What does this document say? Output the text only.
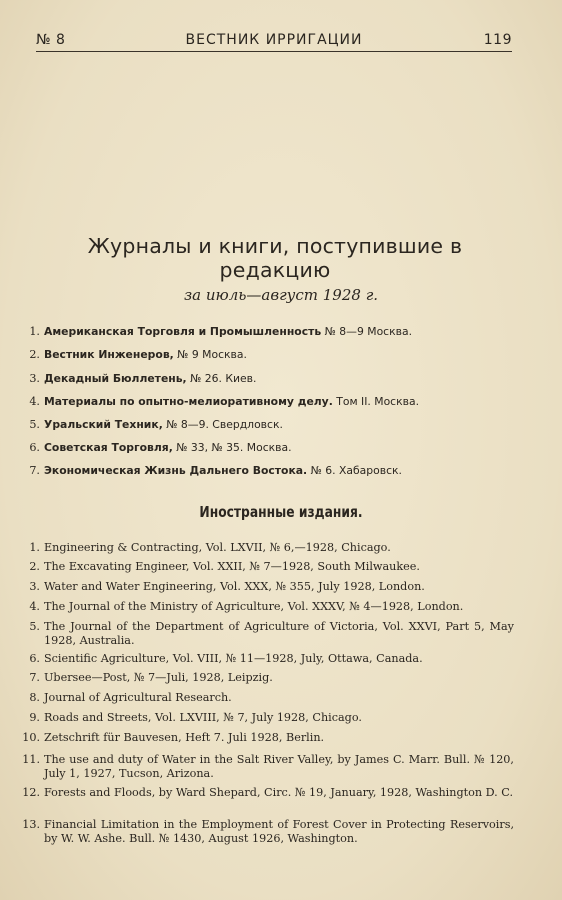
№ 8	ВЕСТНИК ИРРИГАЦИИ	119
Журналы и книги, поступившие в редакцию
за июль—август 1928 г.
1. Американская Торговля и Промышленность № 8—9 Москва.
2. Вестник Инженеров, № 9 Москва.
3. Декадный Бюллетень, № 26. Киев.
4. Материалы по опытно-мелиоративному делу. Том II. Москва.
5. Уральский Техник, № 8—9. Свердловск.
6. Советская Торговля, № 33, № 35. Москва.
7. Экономическая Жизнь Дальнего Востока. № 6. Хабаровск.
Иностранные издания.
1. Engineering & Contracting, Vol. LXVII, № 6,—1928, Chicago.
2. The Excavating Engineer, Vol. XXII, № 7—1928, South Milwaukee.
3. Water and Water Engineering, Vol. XXX, № 355, July 1928, London.
4. The Journal of the Ministry of Agriculture, Vol. XXXV, № 4—1928, London.
5. The Journal of the Department of Agriculture of Victoria, Vol. XXVI, Part 5, May 1928, Australia.
6. Scientific Agriculture, Vol. VIII, № 11—1928, July, Ottawa, Canada.
7. Ubersee—Post, № 7—Juli, 1928, Leipzig.
8. Journal of Agricultural Research.
9. Roads and Streets, Vol. LXVIII, № 7, July 1928, Chicago.
10. Zetschrift für Bauvesen, Heft 7. Juli 1928, Berlin.
11. The use and duty of Water in the Salt River Valley, by James C. Marr. Bull. № 120, July 1, 1927, Tucson, Arizona.
12. Forests and Floods, by Ward Shepard, Circ. № 19, January, 1928, Washington D. C.
13. Financial Limitation in the Employment of Forest Cover in Protecting Reservoirs, by W. W. Ashe. Bull. № 1430, August 1926, Washington.
